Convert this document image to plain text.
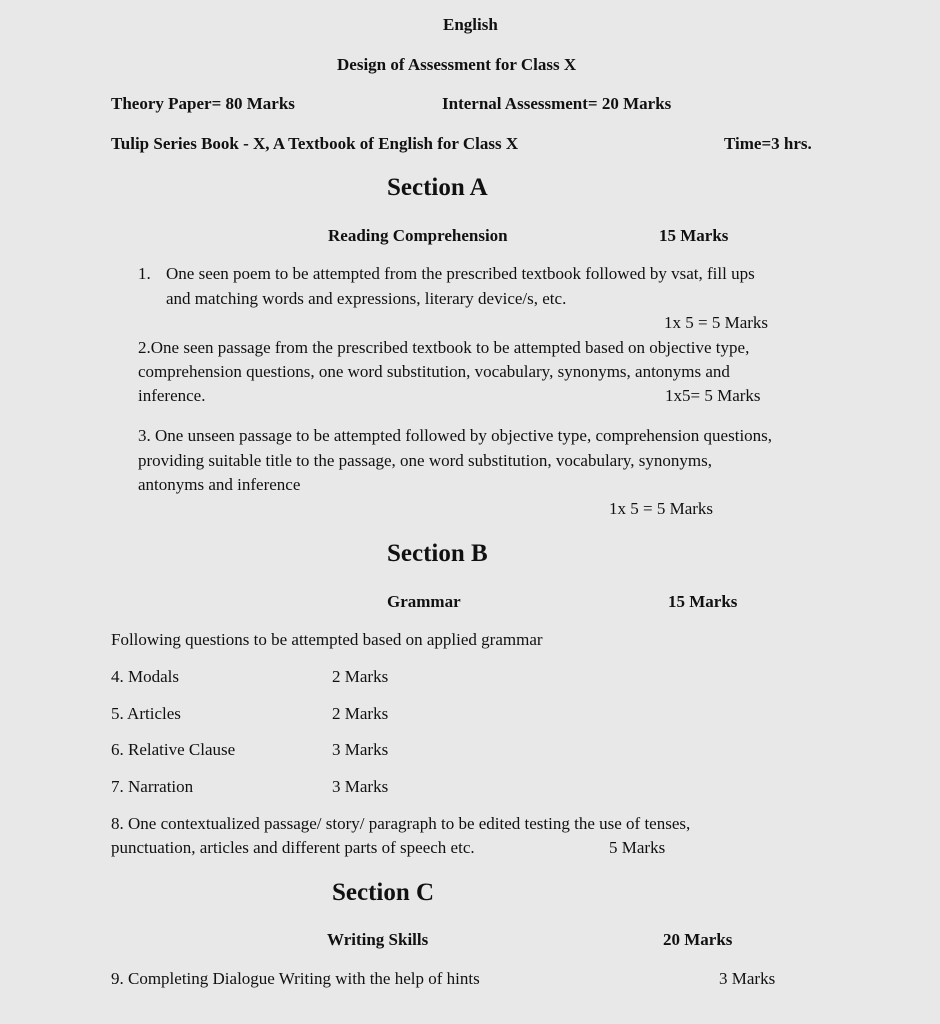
English
Design of Assessment for Class X
Theory Paper= 80 Marks	Internal Assessment= 20 Marks
Tulip Series Book - X, A Textbook of English for Class X	Time=3 hrs.
Section A
Reading Comprehension	15 Marks
1. One seen poem to be attempted from the prescribed textbook followed by vsat, fill ups
and matching words and expressions, literary device/s, etc.
1x 5 = 5 Marks
2.One seen passage from the prescribed textbook to be attempted based on objective type,
comprehension questions, one word substitution, vocabulary, synonyms, antonyms and
inference.	1x5= 5 Marks
3. One unseen passage to be attempted followed by objective type, comprehension questions,
providing suitable title to the passage, one word substitution, vocabulary, synonyms,
antonyms and inference
1x 5 = 5 Marks
Section B
Grammar	15 Marks
Following questions to be attempted based on applied grammar
4. Modals	2 Marks
5. Articles	2 Marks
6. Relative Clause	3 Marks
7. Narration	3 Marks
8. One contextualized passage/ story/ paragraph to be edited testing the use of tenses,
punctuation, articles and different parts of speech etc.	5 Marks
Section C
Writing Skills	20 Marks
9. Completing Dialogue Writing with the help of hints	3 Marks
